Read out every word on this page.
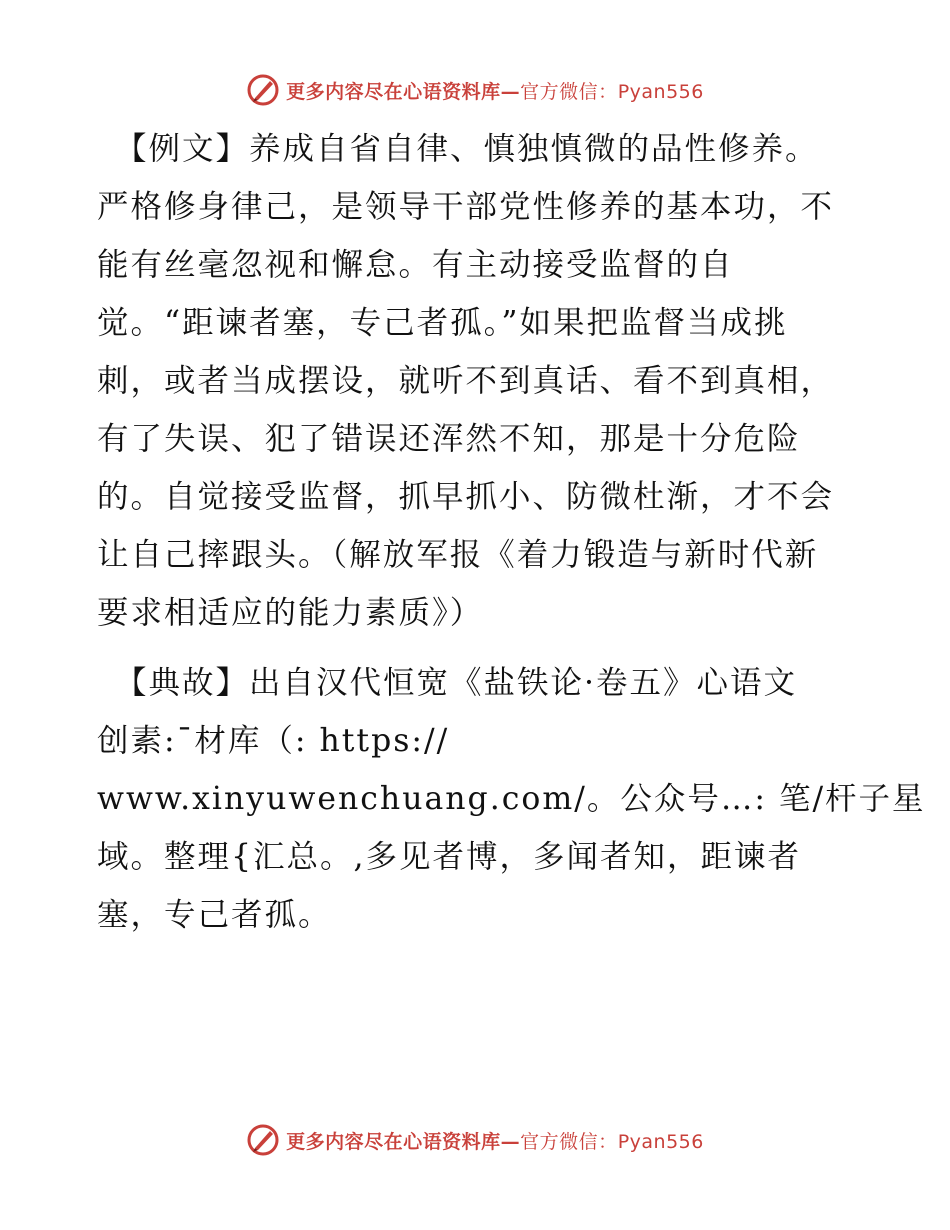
更多内容尽在心语资料库—官方微信：Pyan556
【例文】养成自省自律、慎独慎微的品性修养。
严格修身律己，是领导干部党性修养的基本功，不
能有丝毫忽视和懈怠。有主动接受监督的自
觉。“距谏者塞，专己者孤。”如果把监督当成挑
刺，或者当成摆设，就听不到真话、看不到真相，
有了失误、犯了错误还浑然不知，那是十分危险
的。自觉接受监督，抓早抓小、防微杜渐，才不会
让自己摔跟头。（解放军报《着力锻造与新时代新
要求相适应的能力素质》）
【典故】出自汉代恒宽《盐铁论·卷五》心语文
创素:¯材库（: https://
www.xinyuwenchuang.com/。公众号…: 笔/杆子星
域。整理{汇总。,多见者博，多闻者知，距谏者
塞，专己者孤。
更多内容尽在心语资料库—官方微信：Pyan556
